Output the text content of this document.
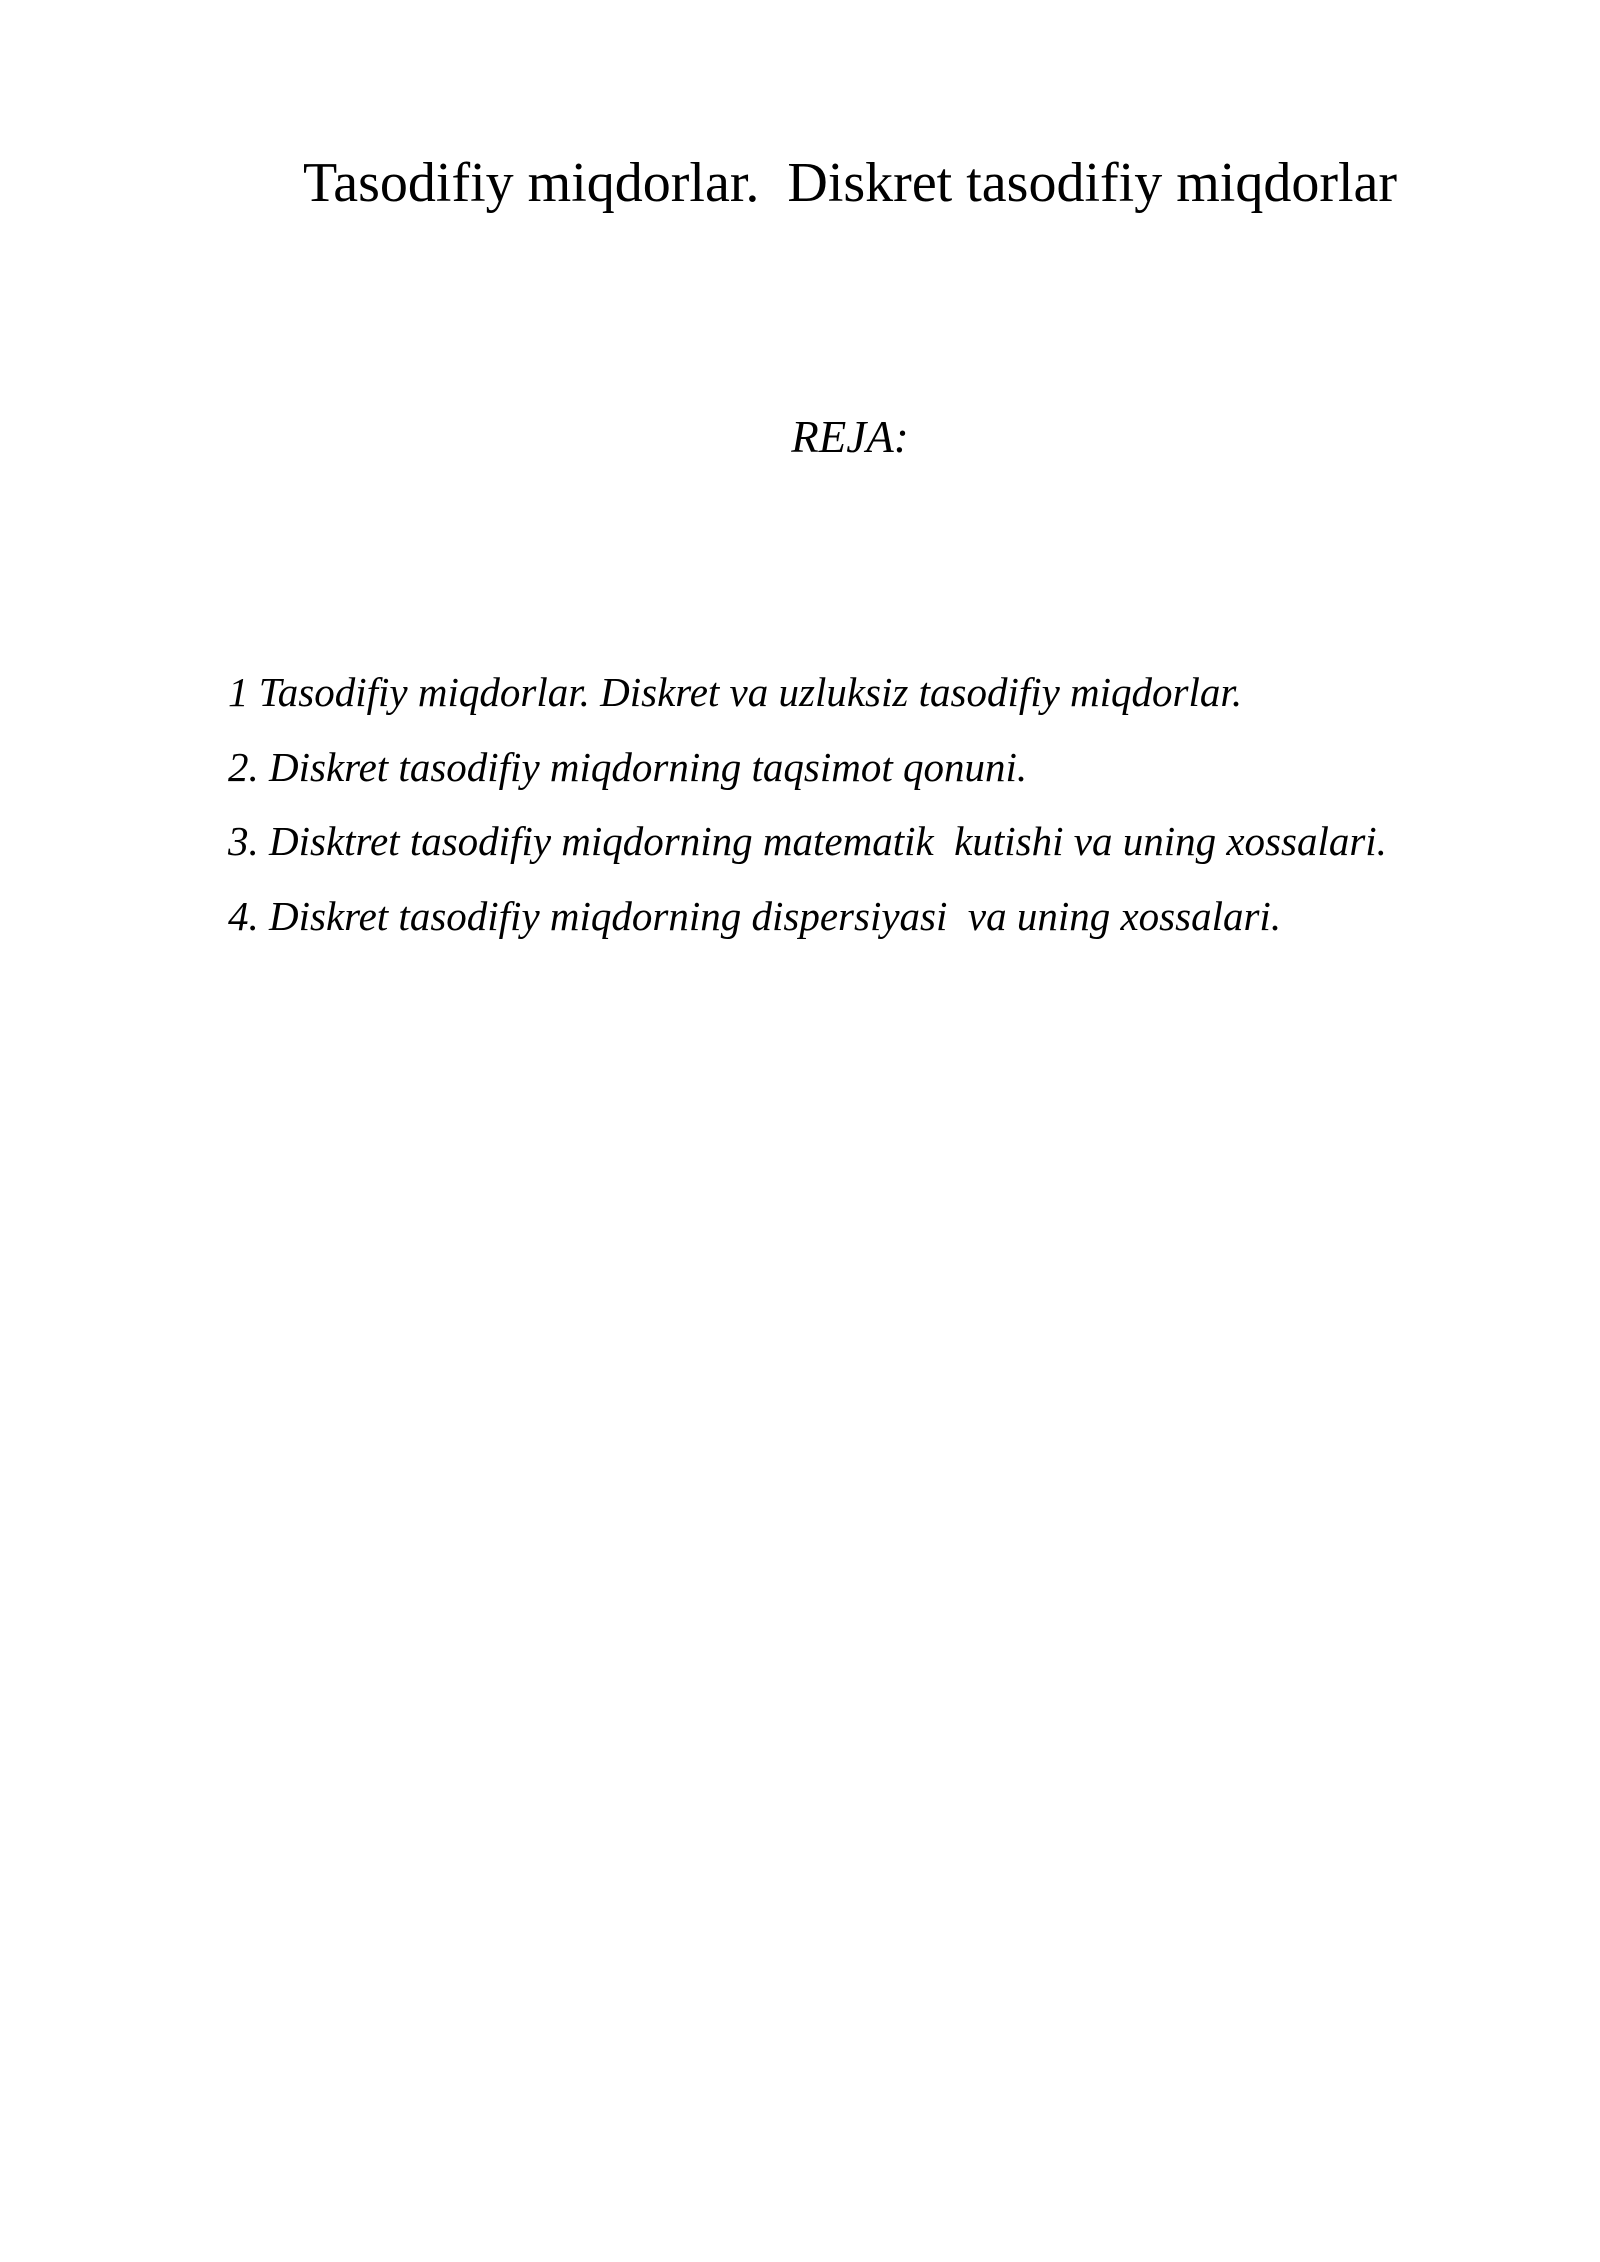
Tasodifiy miqdorlar.  Diskret tasodifiy miqdorlar
REJA:
1 Tasodifiy miqdorlar. Diskret va uzluksiz tasodifiy miqdorlar.
2. Diskret tasodifiy miqdorning taqsimot qonuni.
3. Disktret tasodifiy miqdorning matematik  kutishi va uning xossalari.
4. Diskret tasodifiy miqdorning dispersiyasi  va uning xossalari.
